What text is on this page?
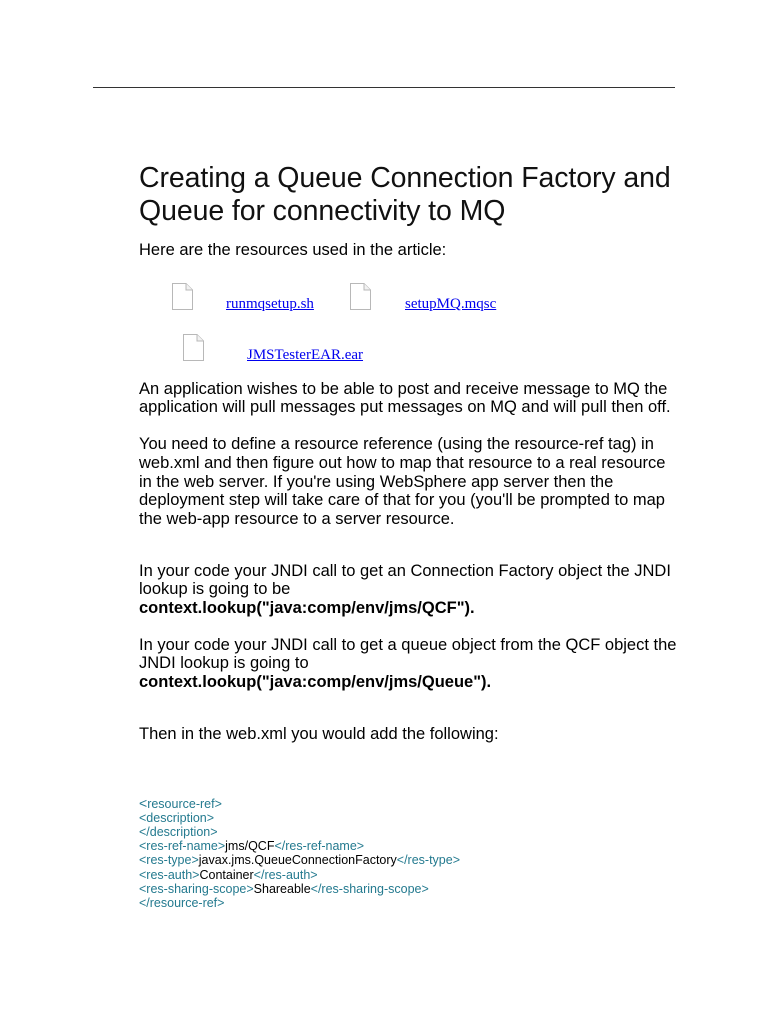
Creating a Queue Connection Factory and Queue for connectivity to MQ

Here are the resources used in the article:

runmqsetup.sh	setupMQ.mqsc
JMSTesterEAR.ear

An application wishes to be able to post and receive message to MQ the application will pull messages put messages on MQ and will pull then off.

You need to define a resource reference (using the resource-ref tag) in web.xml and then figure out how to map that resource to a real resource in the web server. If you're using WebSphere app server then the deployment step will take care of that for you (you'll be prompted to map the web-app resource to a server resource.

In your code your JNDI call to get an Connection Factory object the JNDI lookup is going to be
context.lookup("java:comp/env/jms/QCF").

In your code your JNDI call to get a queue object from the QCF object the JNDI lookup is going to
context.lookup("java:comp/env/jms/Queue").

Then in the web.xml you would add the following:

<resource-ref>
<description>
</description>
<res-ref-name>jms/QCF</res-ref-name>
<res-type>javax.jms.QueueConnectionFactory</res-type>
<res-auth>Container</res-auth>
<res-sharing-scope>Shareable</res-sharing-scope>
</resource-ref>
